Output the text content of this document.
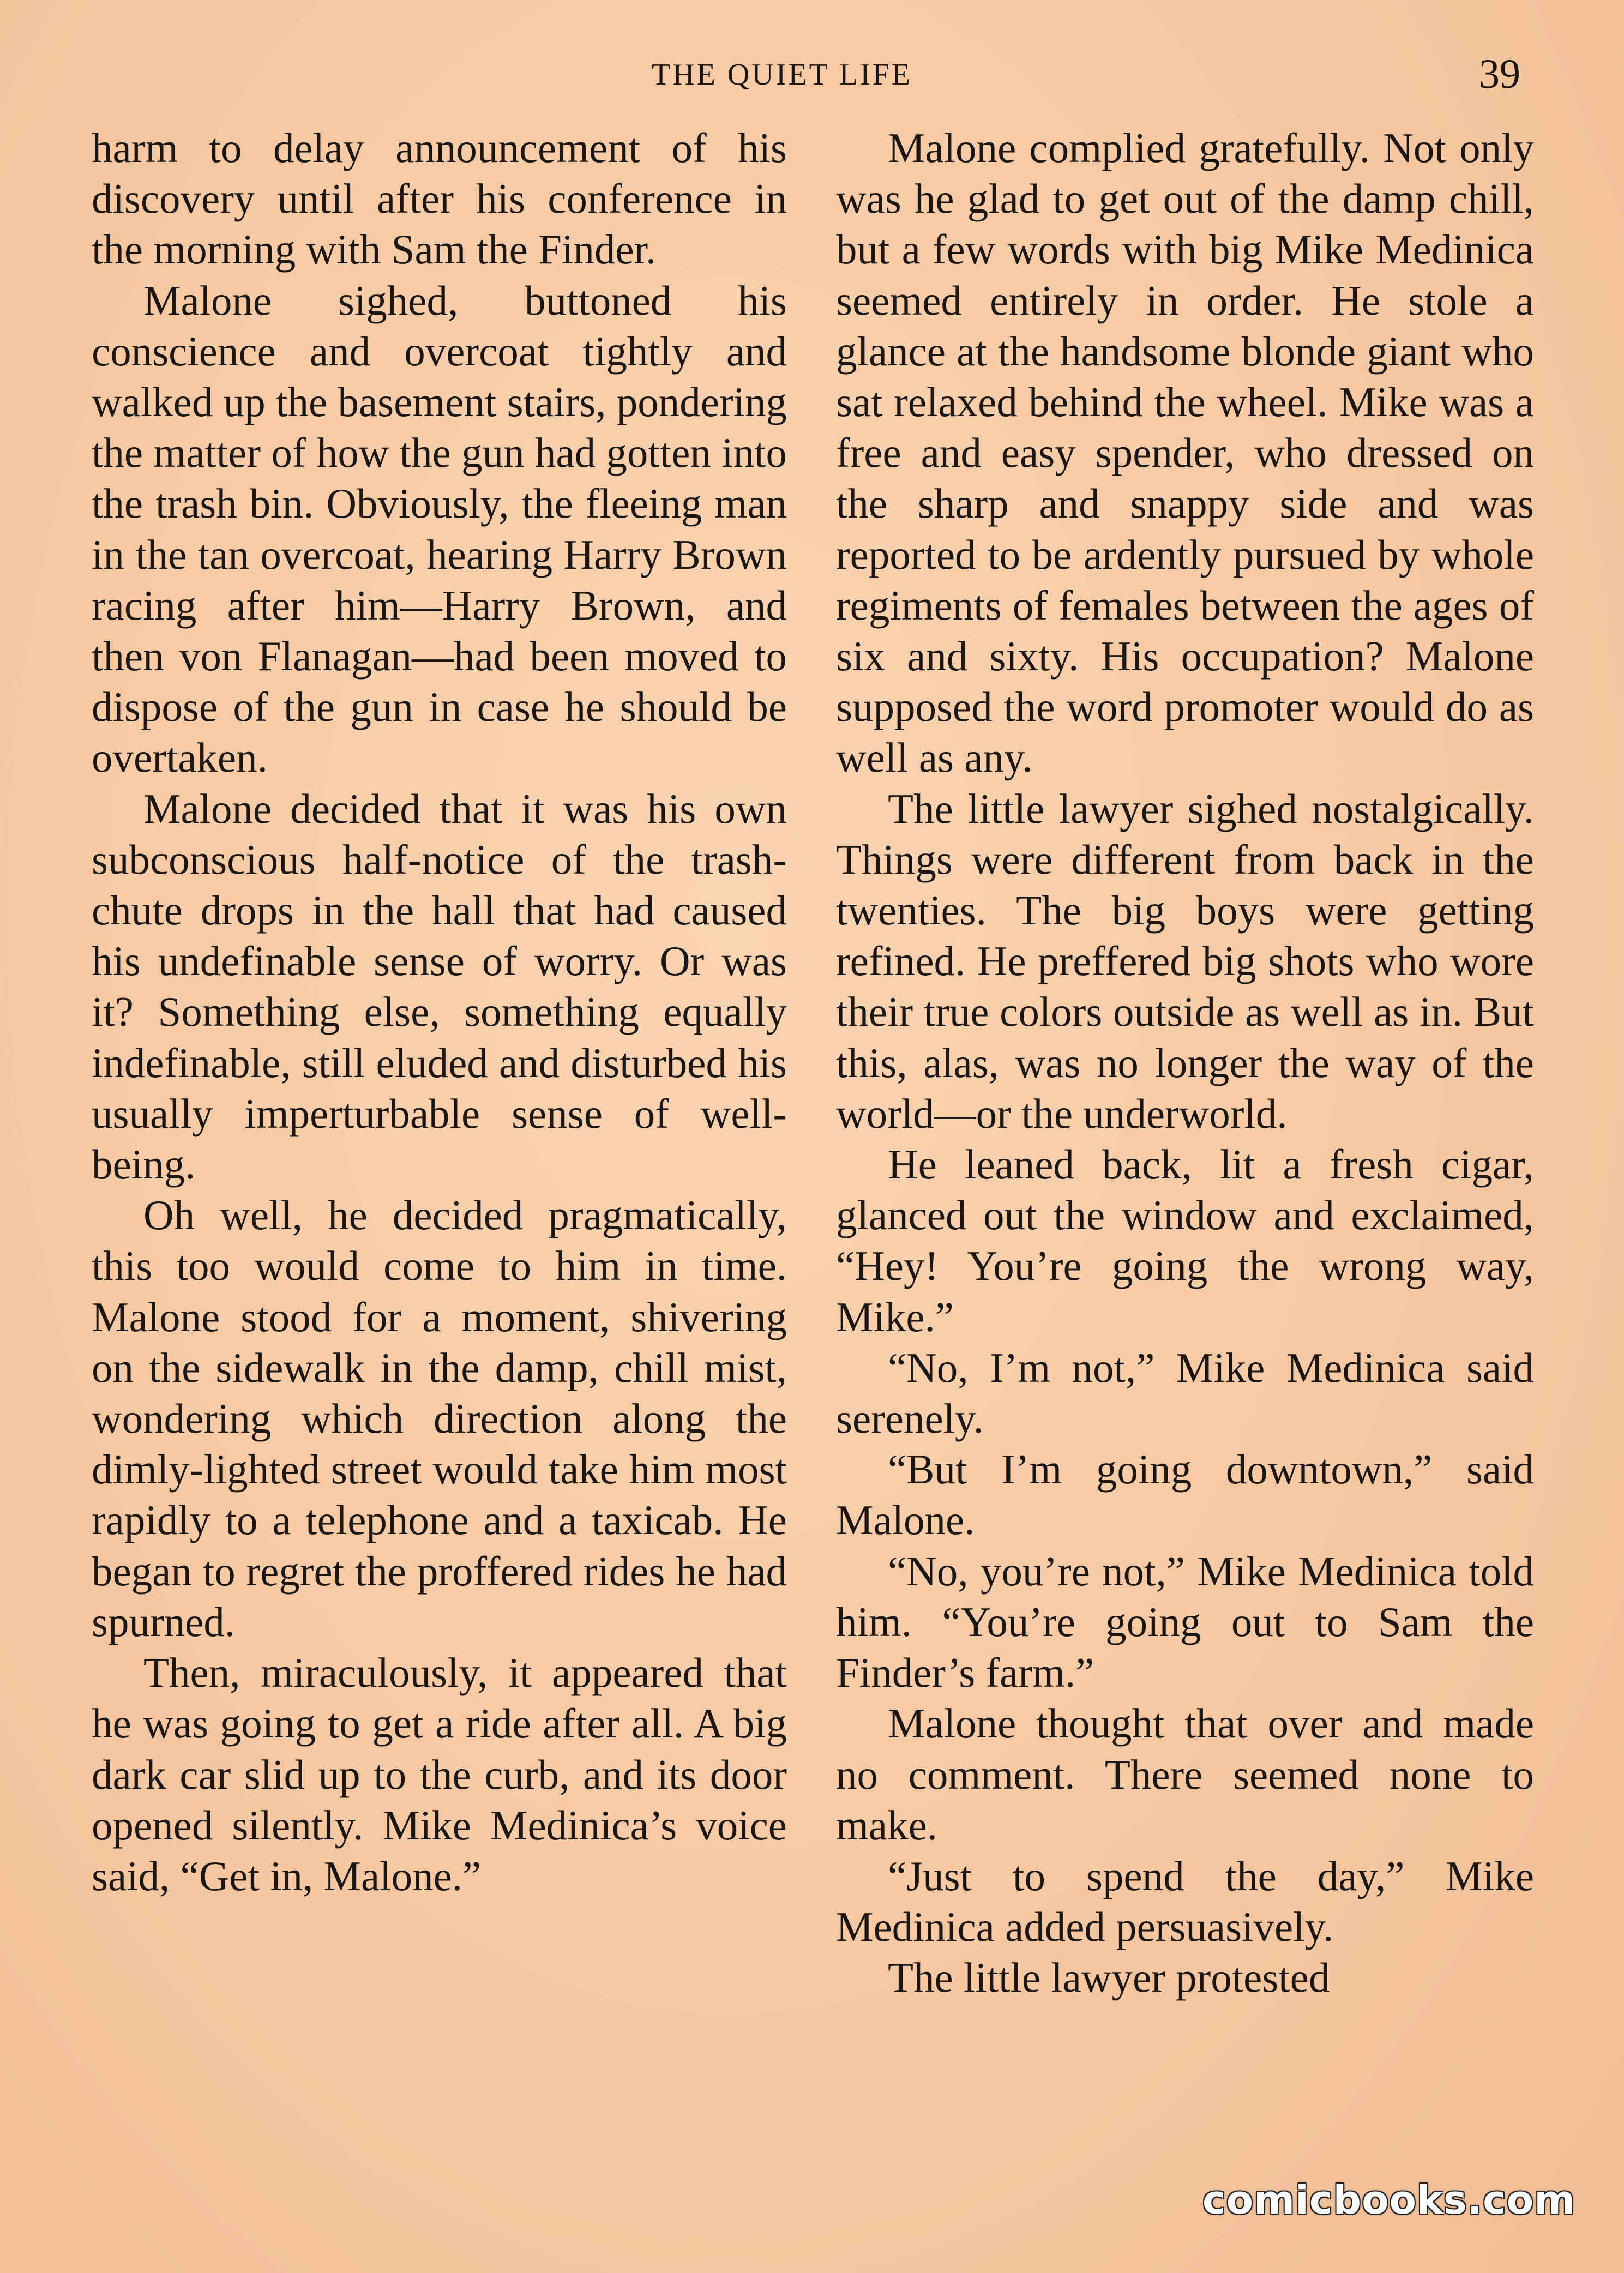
THE QUIET LIFE	39

harm to delay announcement of his discovery until after his conference in the morning with Sam the Finder.

Malone sighed, buttoned his conscience and overcoat tightly and walked up the basement stairs, pondering the matter of how the gun had gotten into the trash bin. Obviously, the fleeing man in the tan overcoat, hearing Harry Brown racing after him—Harry Brown, and then von Flanagan—had been moved to dispose of the gun in case he should be overtaken.

Malone decided that it was his own subconscious half-notice of the trash-chute drops in the hall that had caused his undefinable sense of worry. Or was it? Something else, something equally indefinable, still eluded and disturbed his usually imperturbable sense of well-being.

Oh well, he decided pragmatically, this too would come to him in time. Malone stood for a moment, shivering on the sidewalk in the damp, chill mist, wondering which direction along the dimly-lighted street would take him most rapidly to a telephone and a taxicab. He began to regret the proffered rides he had spurned.

Then, miraculously, it appeared that he was going to get a ride after all. A big dark car slid up to the curb, and its door opened silently. Mike Medinica’s voice said, “Get in, Malone.”

Malone complied gratefully. Not only was he glad to get out of the damp chill, but a few words with big Mike Medinica seemed entirely in order. He stole a glance at the handsome blonde giant who sat relaxed behind the wheel. Mike was a free and easy spender, who dressed on the sharp and snappy side and was reported to be ardently pursued by whole regiments of females between the ages of six and sixty. His occupation? Malone supposed the word promoter would do as well as any.

The little lawyer sighed nostalgically. Things were different from back in the twenties. The big boys were getting refined. He preffered big shots who wore their true colors outside as well as in. But this, alas, was no longer the way of the world—or the underworld.

He leaned back, lit a fresh cigar, glanced out the window and exclaimed, “Hey! You’re going the wrong way, Mike.”

“No, I’m not,” Mike Medinica said serenely.

“But I’m going downtown,” said Malone.

“No, you’re not,” Mike Medinica told him. “You’re going out to Sam the Finder’s farm.”

Malone thought that over and made no comment. There seemed none to make.

“Just to spend the day,” Mike Medinica added persuasively.

The little lawyer protested

comicbooks.com
